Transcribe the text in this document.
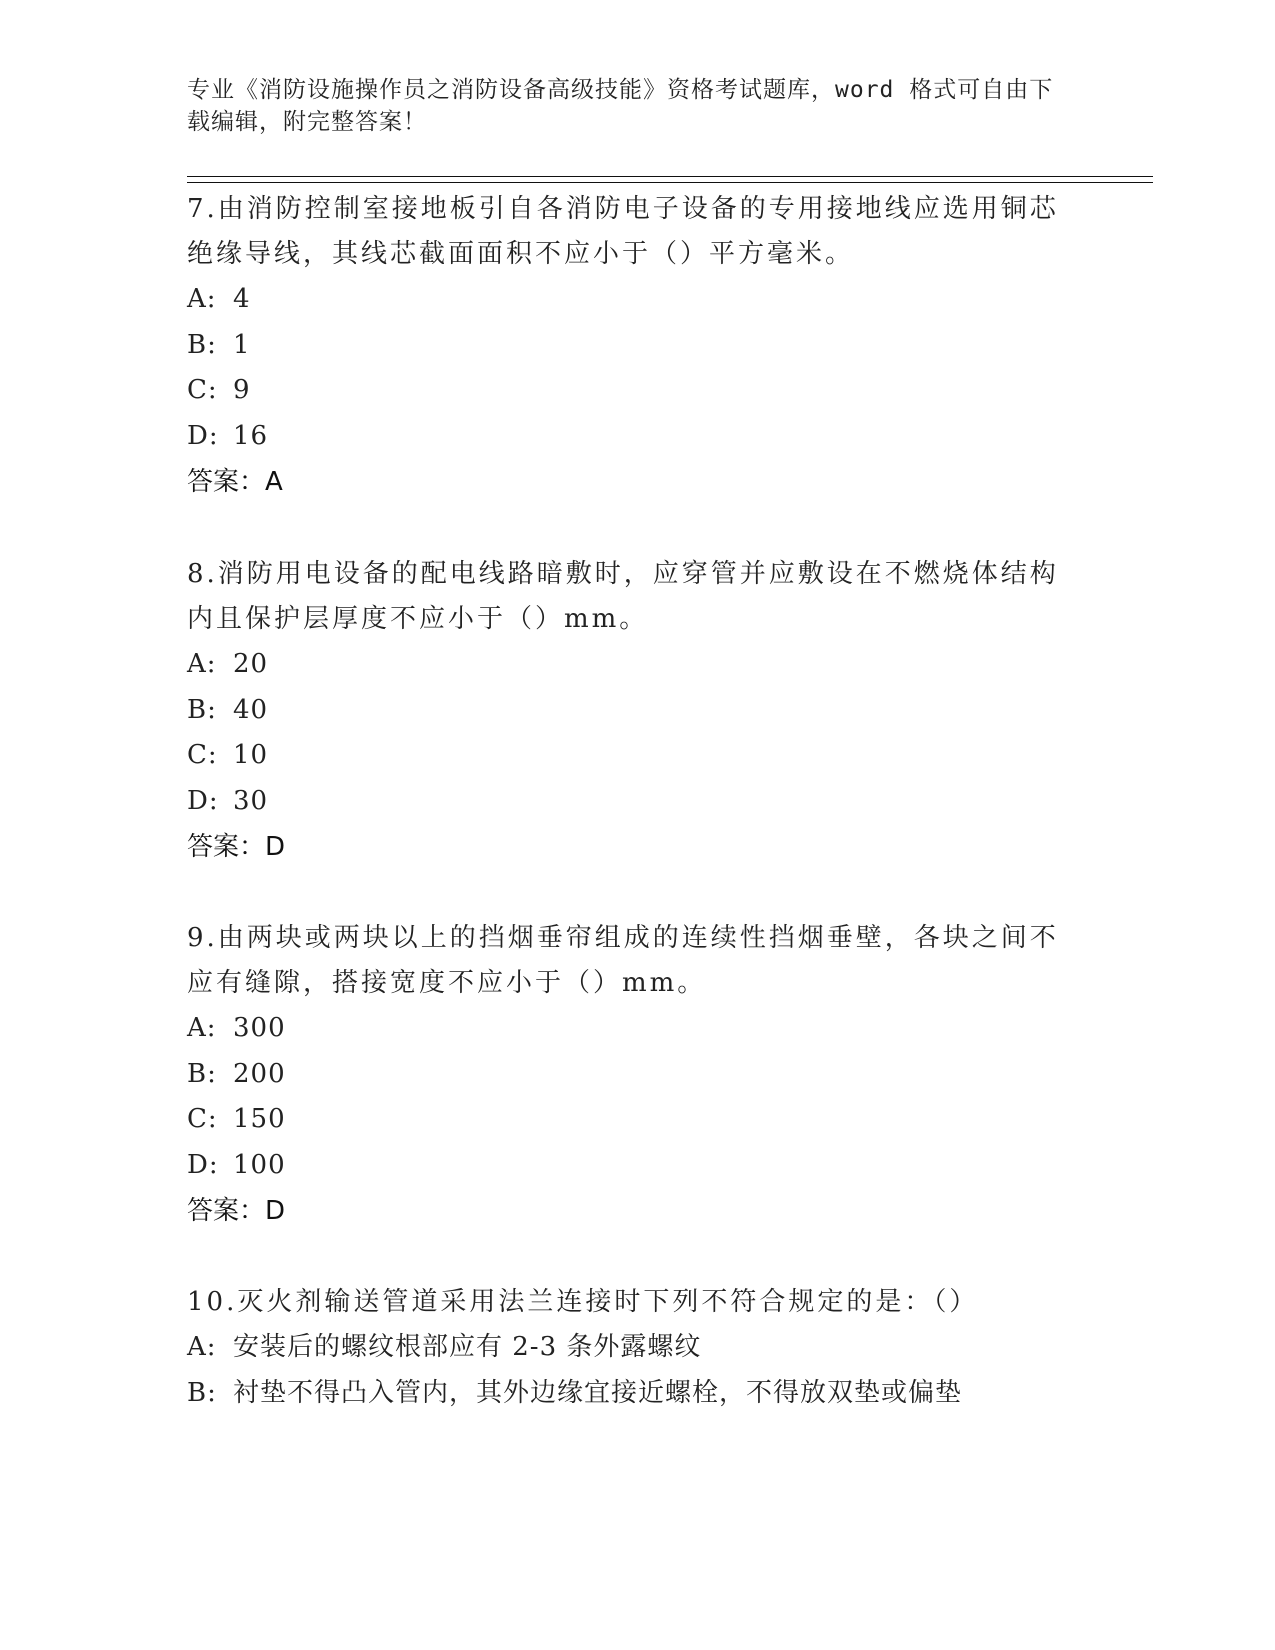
专业《消防设施操作员之消防设备高级技能》资格考试题库，word 格式可自由下
载编辑，附完整答案！

7.由消防控制室接地板引自各消防电子设备的专用接地线应选用铜芯

绝缘导线，其线芯截面面积不应小于（）平方毫米。

A: 4

B: 1

C: 9

D: 16

答案：A

8.消防用电设备的配电线路暗敷时，应穿管并应敷设在不燃烧体结构

内且保护层厚度不应小于（）mm。

A: 20

B: 40

C: 10

D: 30

答案：D

9.由两块或两块以上的挡烟垂帘组成的连续性挡烟垂壁，各块之间不

应有缝隙，搭接宽度不应小于（）mm。

A: 300

B: 200

C: 150

D: 100

答案：D

10.灭火剂输送管道采用法兰连接时下列不符合规定的是：（）

A: 安装后的螺纹根部应有 2-3 条外露螺纹

B: 衬垫不得凸入管内，其外边缘宜接近螺栓，不得放双垫或偏垫
